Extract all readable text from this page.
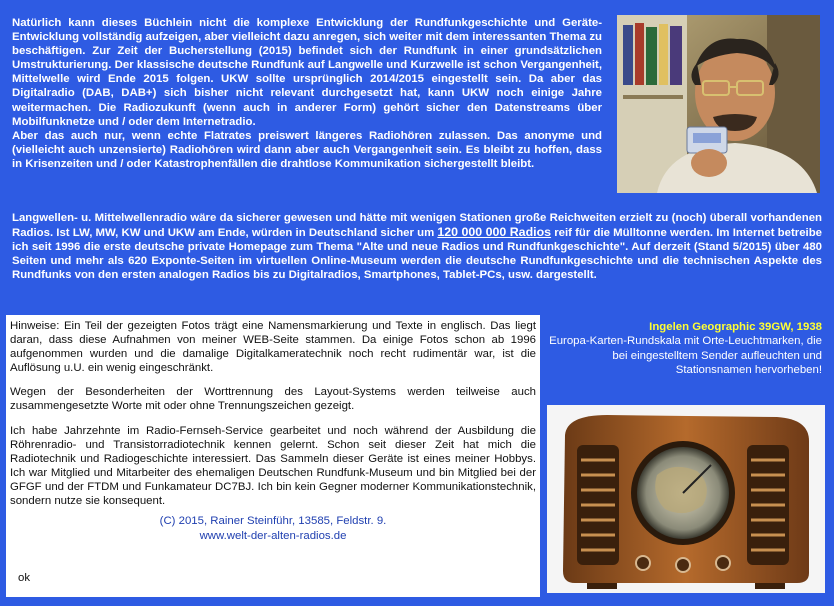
Natürlich kann dieses Büchlein nicht die komplexe Entwicklung der Rundfunkgeschichte und Geräte-Entwicklung vollständig aufzeigen, aber vielleicht dazu anregen, sich weiter mit dem interessanten Thema zu beschäftigen. Zur Zeit der Bucherstellung (2015) befindet sich der Rundfunk in einer grundsätzlichen Umstrukturierung. Der klassische deutsche Rundfunk auf Langwelle und Kurzwelle ist schon Vergangenheit, Mittelwelle wird Ende 2015 folgen. UKW sollte ursprünglich 2014/2015 eingestellt sein. Da aber das Digitalradio (DAB, DAB+) sich bisher nicht relevant durchgesetzt hat, kann UKW noch einige Jahre weitermachen. Die Radiozukunft (wenn auch in anderer Form) gehört sicher den Datenstreams über Mobilfunknetze und / oder dem Internetradio.

Aber das auch nur, wenn echte Flatrates preiswert längeres Radiohören zulassen. Das anonyme und (vielleicht auch unzensierte) Radiohören wird dann aber auch Vergangenheit sein. Es bleibt zu hoffen, dass in Krisenzeiten und / oder Katastrophenfällen die drahtlose Kommunikation sichergestellt bleibt.

Langwellen- u. Mittelwellenradio wäre da sicherer gewesen und hätte mit wenigen Stationen große Reichweiten erzielt zu (noch) überall vorhandenen Radios. Ist LW, MW, KW und UKW am Ende, würden in Deutschland sicher um 120 000 000 Radios reif für die Mülltonne werden. Im Internet betreibe ich seit 1996 die erste deutsche private Homepage zum Thema "Alte und neue Radios und Rundfunkgeschichte". Auf derzeit (Stand 5/2015) über 480 Seiten und mehr als 620 Exponte-Seiten im virtuellen Online-Museum werden die deutsche Rundfunkgeschichte und die technischen Aspekte des Rundfunks von den ersten analogen Radios bis zu Digitalradios, Smartphones, Tablet-PCs, usw. dargestellt.

Hinweise: Ein Teil der gezeigten Fotos trägt eine Namensmarkierung und Texte in englisch. Das liegt daran, dass diese Aufnahmen von meiner WEB-Seite stammen. Da einige Fotos schon ab 1996 aufgenommen wurden und die damalige Digitalkameratechnik noch recht rudimentär war, ist die Auflösung u.U. ein wenig eingeschränkt.

Wegen der Besonderheiten der Worttrennung des Layout-Systems werden teilweise auch zusammengesetzte Worte mit oder ohne Trennungszeichen gezeigt.

Ich habe Jahrzehnte im Radio-Fernseh-Service gearbeitet und noch während der Ausbildung die Röhrenradio- und Transistorradiotechnik kennen gelernt. Schon seit dieser Zeit hat mich die Radiotechnik und Radiogeschichte interessiert. Das Sammeln dieser Geräte ist eines meiner Hobbys. Ich war Mitglied und Mitarbeiter des ehemaligen Deutschen Rundfunk-Museum und bin Mitglied bei der GFGF und der FTDM und Funkamateur DC7BJ. Ich bin kein Gegner moderner Kommunikationstechnik, sondern nutze sie konsequent.

(C) 2015, Rainer Steinführ, 13585, Feldstr. 9.
www.welt-der-alten-radios.de
ok
Ingelen Geographic 39GW, 1938
Europa-Karten-Rundskala mit Orte-Leuchtmarken, die bei eingestelltem Sender aufleuchten und Stationsnamen hervorheben!
